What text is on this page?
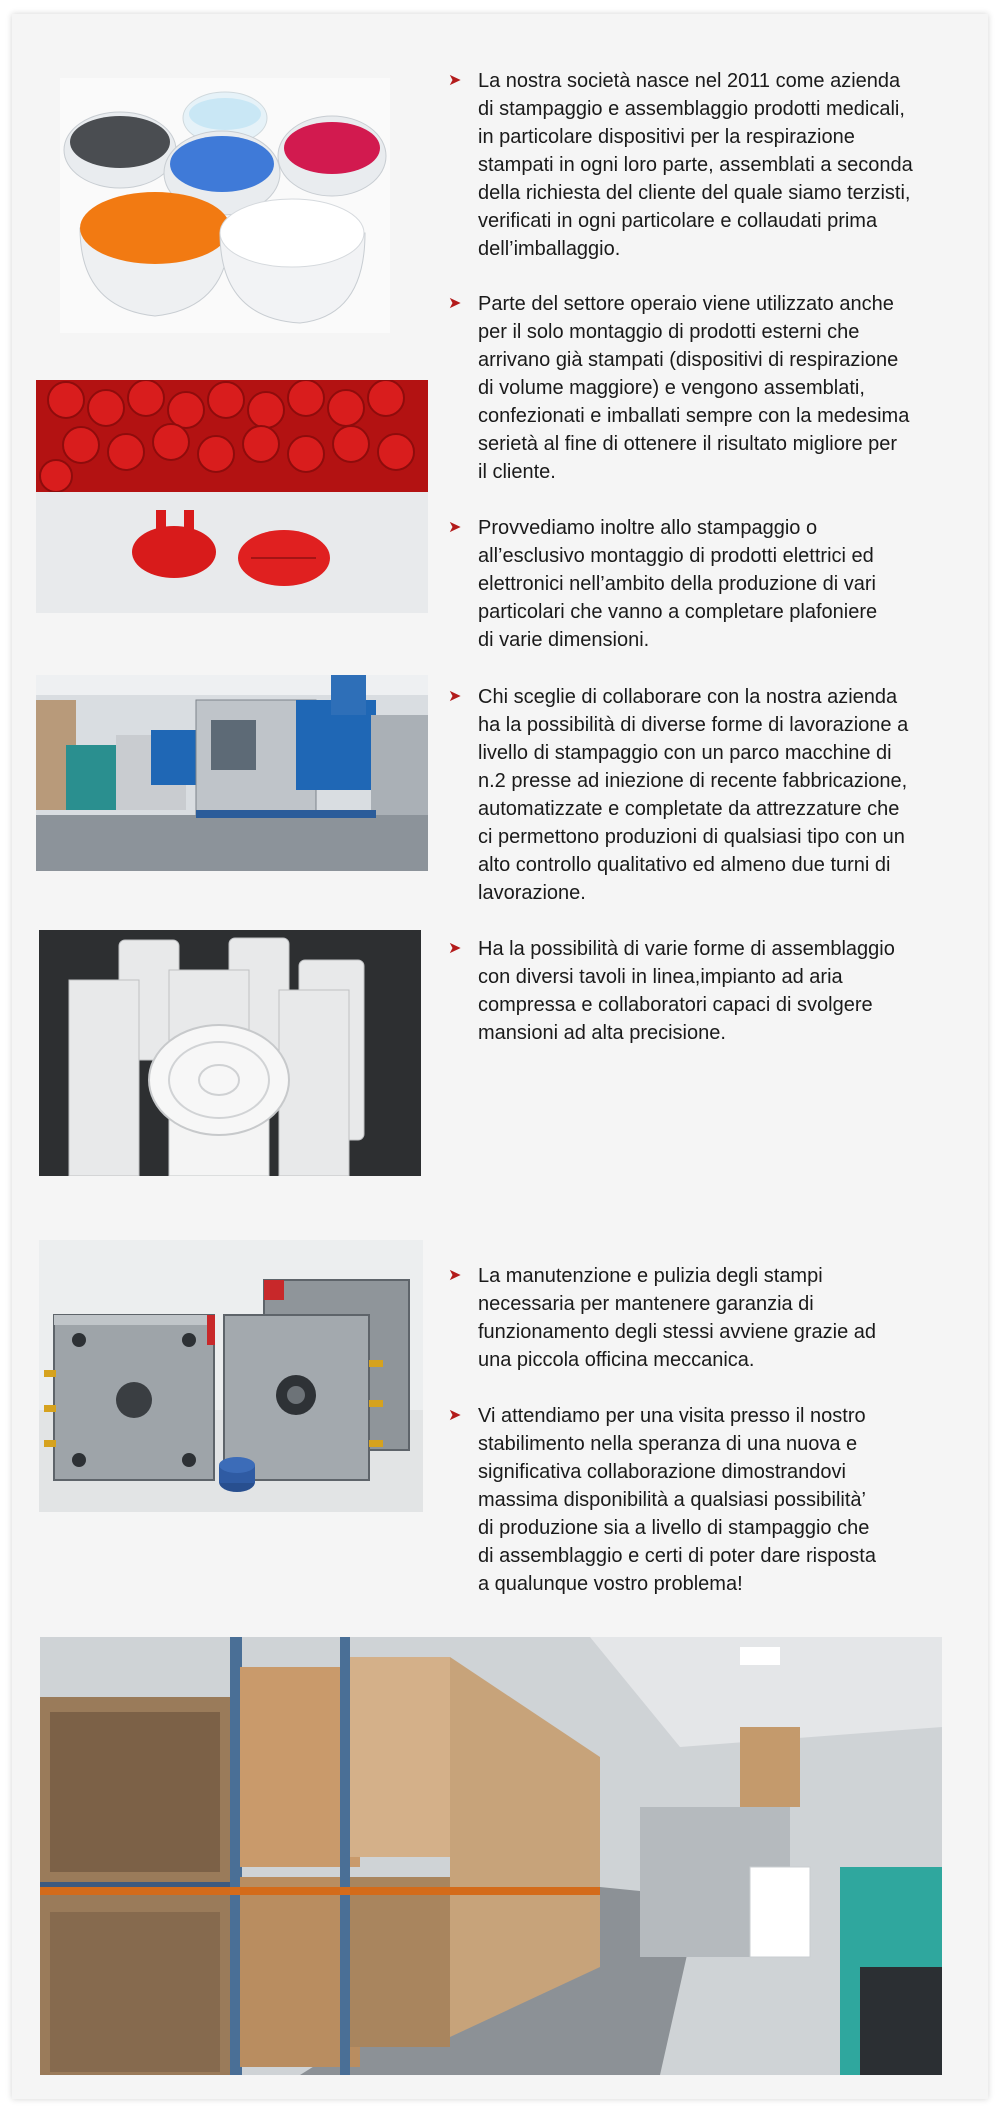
➤ La nostra società nasce nel 2011 come azienda
di stampaggio e assemblaggio prodotti medicali,
in particolare dispositivi per la respirazione
stampati in ogni loro parte, assemblati a seconda
della richiesta del cliente del quale siamo terzisti,
verificati in ogni particolare e collaudati prima
dell’imballaggio.

➤ Parte del settore operaio viene utilizzato anche
per il solo montaggio di prodotti esterni che
arrivano già stampati (dispositivi di respirazione
di volume maggiore) e vengono assemblati,
confezionati e imballati sempre con la medesima
serietà al fine di ottenere il risultato migliore per
il cliente.

➤ Provvediamo inoltre allo stampaggio o
all’esclusivo montaggio di prodotti elettrici ed
elettronici nell’ambito della produzione di vari
particolari che vanno a completare plafoniere
di varie dimensioni.

➤ Chi sceglie di collaborare con la nostra azienda
ha la possibilità di diverse forme di lavorazione a
livello di stampaggio con un parco macchine di
n.2 presse ad iniezione di recente fabbricazione,
automatizzate e completate da attrezzature che
ci permettono produzioni di qualsiasi tipo con un
alto controllo qualitativo ed almeno due turni di
lavorazione.

➤ Ha la possibilità di varie forme di assemblaggio
con diversi tavoli in linea,impianto ad aria
compressa e collaboratori capaci di svolgere
mansioni ad alta precisione.

➤ La manutenzione e pulizia degli stampi
necessaria per mantenere garanzia di
funzionamento degli stessi avviene grazie ad
una piccola officina meccanica.

➤ Vi attendiamo per una visita presso il nostro
stabilimento nella speranza di una nuova e
significativa collaborazione dimostrandovi
massima disponibilità a qualsiasi possibilità’
di produzione sia a livello di stampaggio che
di assemblaggio e certi di poter dare risposta
a qualunque vostro problema!
